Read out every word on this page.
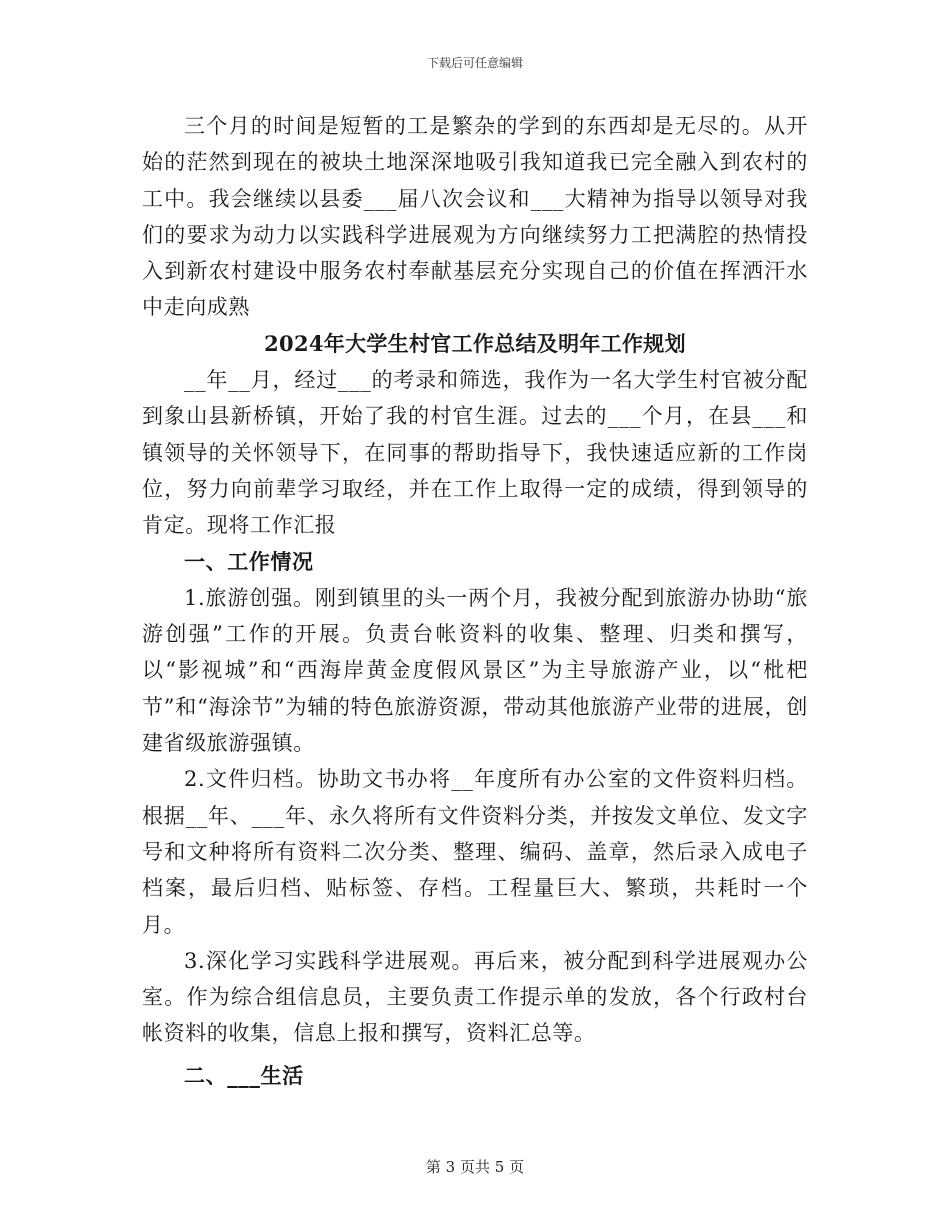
下载后可任意编辑

三个月的时间是短暂的工是繁杂的学到的东西却是无尽的。从开始的茫然到现在的被块土地深深地吸引我知道我已完全融入到农村的工中。我会继续以县委___届八次会议和___大精神为指导以领导对我们的要求为动力以实践科学进展观为方向继续努力工把满腔的热情投入到新农村建设中服务农村奉献基层充分实现自己的价值在挥洒汗水中走向成熟

2024年大学生村官工作总结及明年工作规划

__年__月，经过___的考录和筛选，我作为一名大学生村官被分配到象山县新桥镇，开始了我的村官生涯。过去的___个月，在县___和镇领导的关怀领导下，在同事的帮助指导下，我快速适应新的工作岗位，努力向前辈学习取经，并在工作上取得一定的成绩，得到领导的肯定。现将工作汇报

一、工作情况

1.旅游创强。刚到镇里的头一两个月，我被分配到旅游办协助“旅游创强”工作的开展。负责台帐资料的收集、整理、归类和撰写，以“影视城”和“西海岸黄金度假风景区”为主导旅游产业，以“枇杷节”和“海涂节”为辅的特色旅游资源，带动其他旅游产业带的进展，创建省级旅游强镇。

2.文件归档。协助文书办将__年度所有办公室的文件资料归档。根据__年、___年、永久将所有文件资料分类，并按发文单位、发文字号和文种将所有资料二次分类、整理、编码、盖章，然后录入成电子档案，最后归档、贴标签、存档。工程量巨大、繁琐，共耗时一个月。

3.深化学习实践科学进展观。再后来，被分配到科学进展观办公室。作为综合组信息员，主要负责工作提示单的发放，各个行政村台帐资料的收集，信息上报和撰写，资料汇总等。

二、___生活

第 3 页共 5 页
